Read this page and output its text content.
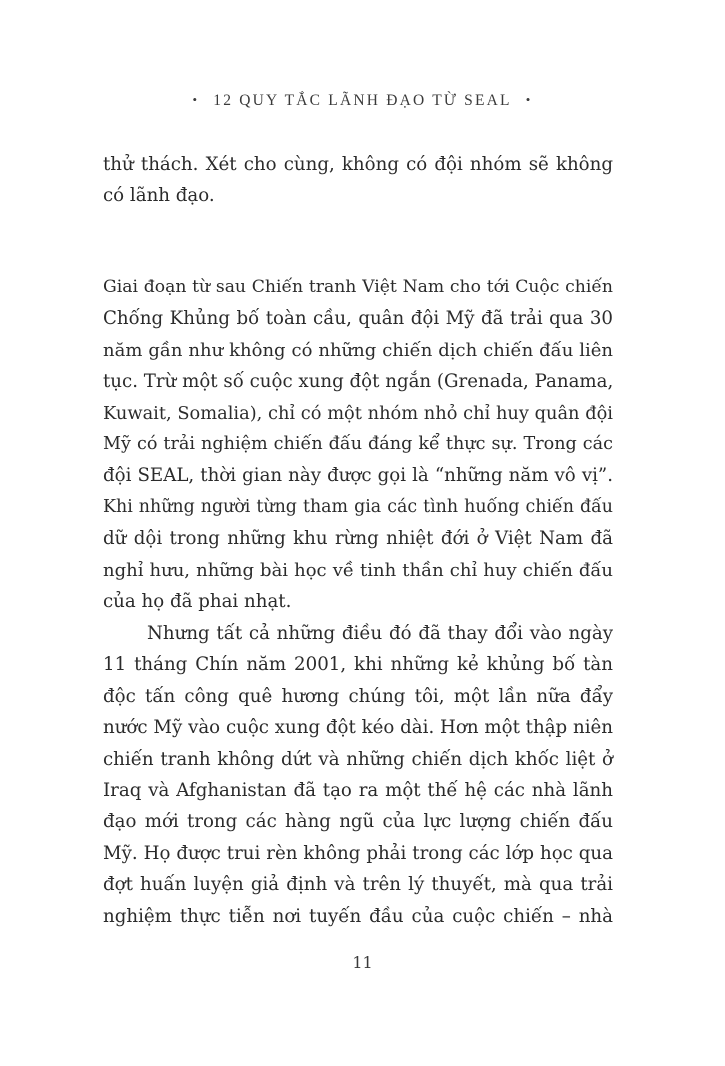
• 12 QUY TẮC LÃNH ĐẠO TỪ SEAL •
thử thách. Xét cho cùng, không có đội nhóm sẽ không
có lãnh đạo.
Giai đoạn từ sau Chiến tranh Việt Nam cho tới Cuộc chiến
Chống Khủng bố toàn cầu, quân đội Mỹ đã trải qua 30
năm gần như không có những chiến dịch chiến đấu liên
tục. Trừ một số cuộc xung đột ngắn (Grenada, Panama,
Kuwait, Somalia), chỉ có một nhóm nhỏ chỉ huy quân đội
Mỹ có trải nghiệm chiến đấu đáng kể thực sự. Trong các
đội SEAL, thời gian này được gọi là “những năm vô vị”.
Khi những người từng tham gia các tình huống chiến đấu
dữ dội trong những khu rừng nhiệt đới ở Việt Nam đã
nghỉ hưu, những bài học về tinh thần chỉ huy chiến đấu
của họ đã phai nhạt.
Nhưng tất cả những điều đó đã thay đổi vào ngày
11 tháng Chín năm 2001, khi những kẻ khủng bố tàn
độc tấn công quê hương chúng tôi, một lần nữa đẩy
nước Mỹ vào cuộc xung đột kéo dài. Hơn một thập niên
chiến tranh không dứt và những chiến dịch khốc liệt ở
Iraq và Afghanistan đã tạo ra một thế hệ các nhà lãnh
đạo mới trong các hàng ngũ của lực lượng chiến đấu
Mỹ. Họ được trui rèn không phải trong các lớp học qua
đợt huấn luyện giả định và trên lý thuyết, mà qua trải
nghiệm thực tiễn nơi tuyến đầu của cuộc chiến – nhà
11
